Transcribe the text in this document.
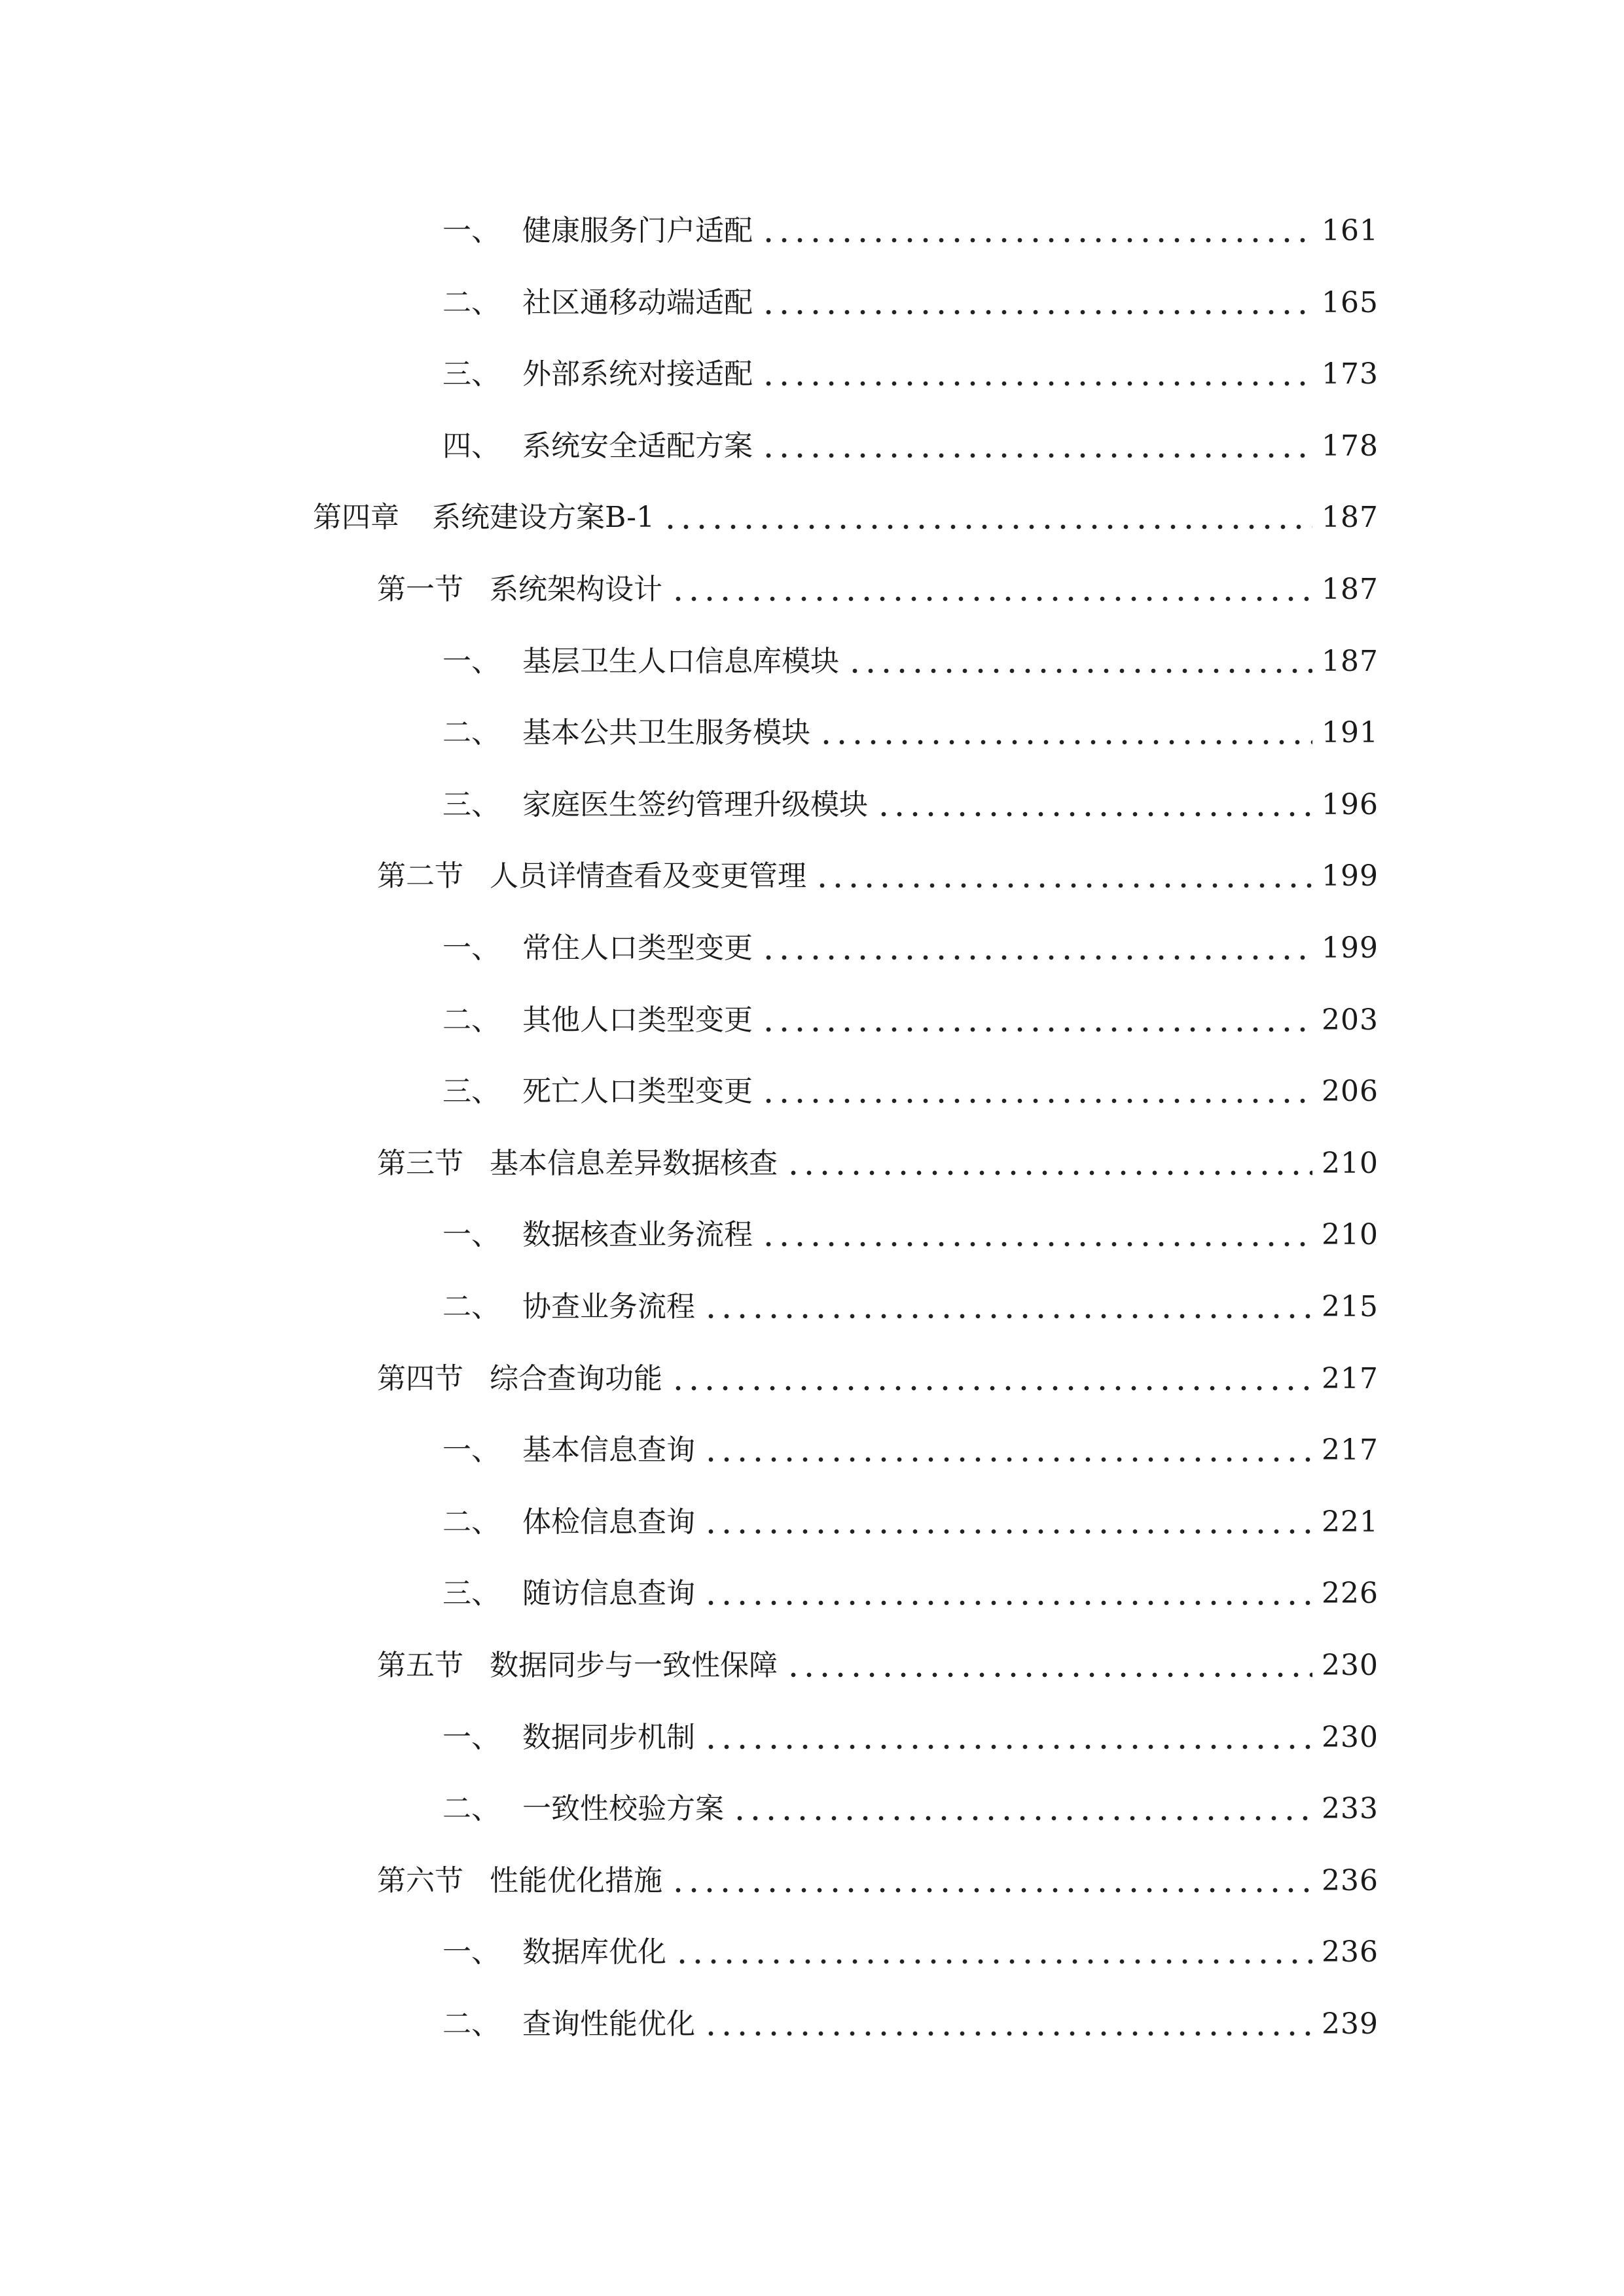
一、 健康服务门户适配	161
二、 社区通移动端适配	165
三、 外部系统对接适配	173
四、 系统安全适配方案	178
第四章 系统建设方案B-1	187
第一节 系统架构设计	187
一、 基层卫生人口信息库模块	187
二、 基本公共卫生服务模块	191
三、 家庭医生签约管理升级模块	196
第二节 人员详情查看及变更管理	199
一、 常住人口类型变更	199
二、 其他人口类型变更	203
三、 死亡人口类型变更	206
第三节 基本信息差异数据核查	210
一、 数据核查业务流程	210
二、 协查业务流程	215
第四节 综合查询功能	217
一、 基本信息查询	217
二、 体检信息查询	221
三、 随访信息查询	226
第五节 数据同步与一致性保障	230
一、 数据同步机制	230
二、 一致性校验方案	233
第六节 性能优化措施	236
一、 数据库优化	236
二、 查询性能优化	239
